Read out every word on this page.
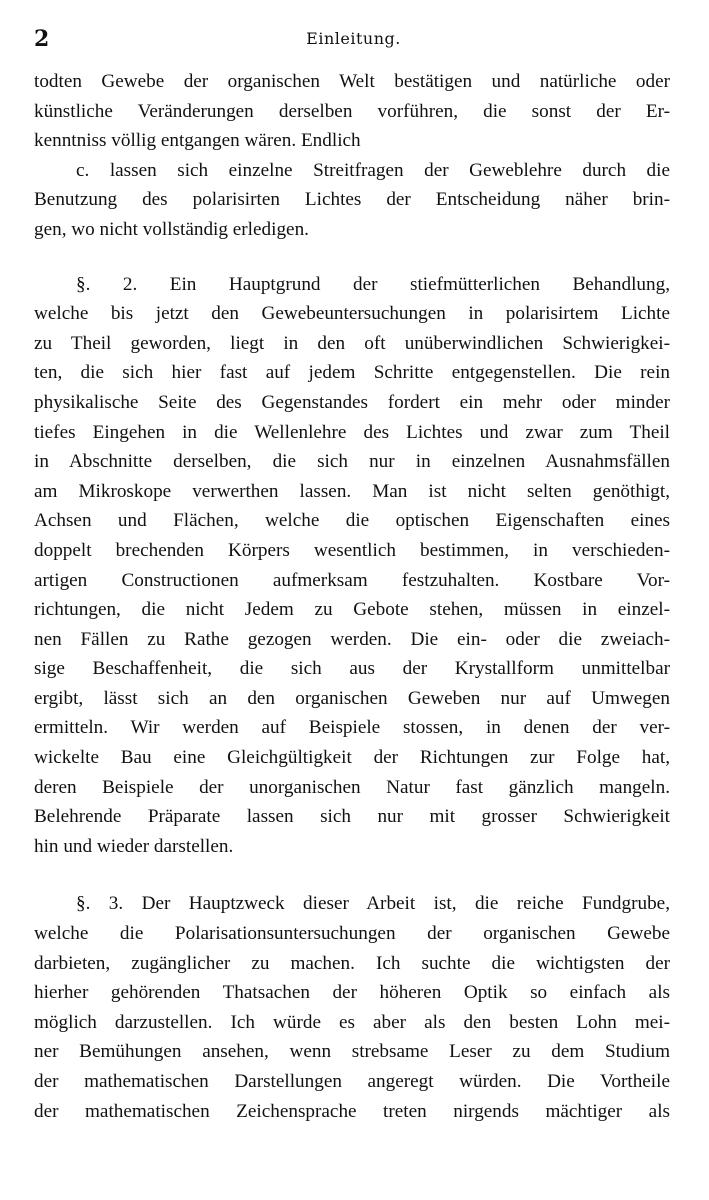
2	Einleitung.
todten Gewebe der organischen Welt bestätigen und natürliche oder
künstliche Veränderungen derselben vorführen, die sonst der Er-
kenntniss völlig entgangen wären. Endlich
c. lassen sich einzelne Streitfragen der Geweblehre durch die
Benutzung des polarisirten Lichtes der Entscheidung näher brin-
gen, wo nicht vollständig erledigen.
§. 2. Ein Hauptgrund der stiefmütterlichen Behandlung,
welche bis jetzt den Gewebeuntersuchungen in polarisirtem Lichte
zu Theil geworden, liegt in den oft unüberwindlichen Schwierigkei-
ten, die sich hier fast auf jedem Schritte entgegenstellen. Die rein
physikalische Seite des Gegenstandes fordert ein mehr oder minder
tiefes Eingehen in die Wellenlehre des Lichtes und zwar zum Theil
in Abschnitte derselben, die sich nur in einzelnen Ausnahmsfällen
am Mikroskope verwerthen lassen. Man ist nicht selten genöthigt,
Achsen und Flächen, welche die optischen Eigenschaften eines
doppelt brechenden Körpers wesentlich bestimmen, in verschieden-
artigen Constructionen aufmerksam festzuhalten. Kostbare Vor-
richtungen, die nicht Jedem zu Gebote stehen, müssen in einzel-
nen Fällen zu Rathe gezogen werden. Die ein- oder die zweiach-
sige Beschaffenheit, die sich aus der Krystallform unmittelbar
ergibt, lässt sich an den organischen Geweben nur auf Umwegen
ermitteln. Wir werden auf Beispiele stossen, in denen der ver-
wickelte Bau eine Gleichgültigkeit der Richtungen zur Folge hat,
deren Beispiele der unorganischen Natur fast gänzlich mangeln.
Belehrende Präparate lassen sich nur mit grosser Schwierigkeit
hin und wieder darstellen.
§. 3. Der Hauptzweck dieser Arbeit ist, die reiche Fundgrube,
welche die Polarisationsuntersuchungen der organischen Gewebe
darbieten, zugänglicher zu machen. Ich suchte die wichtigsten der
hierher gehörenden Thatsachen der höheren Optik so einfach als
möglich darzustellen. Ich würde es aber als den besten Lohn mei-
ner Bemühungen ansehen, wenn strebsame Leser zu dem Studium
der mathematischen Darstellungen angeregt würden. Die Vortheile
der mathematischen Zeichensprache treten nirgends mächtiger als
